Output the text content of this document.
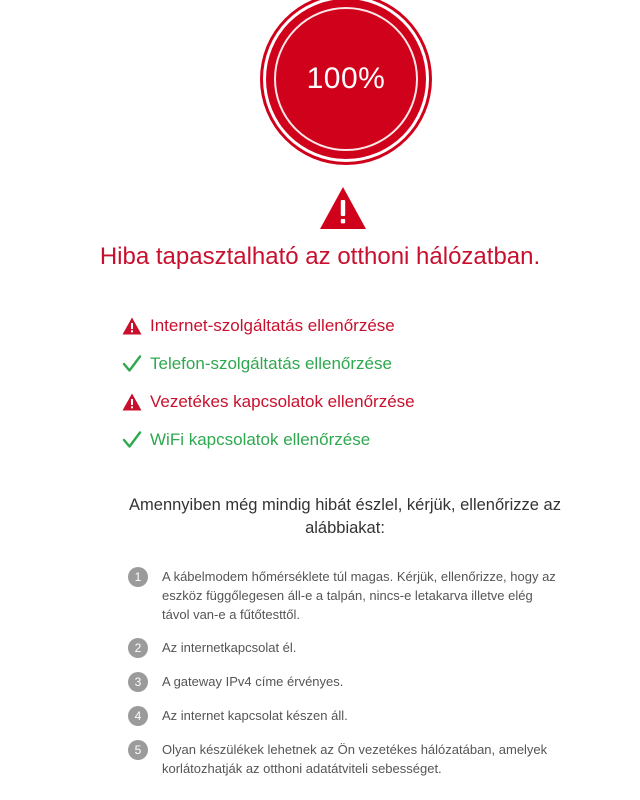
100%
Hiba tapasztalható az otthoni hálózatban.
Internet-szolgáltatás ellenőrzése
Telefon-szolgáltatás ellenőrzése
Vezetékes kapcsolatok ellenőrzése
WiFi kapcsolatok ellenőrzése
Amennyiben még mindig hibát észlel, kérjük, ellenőrizze az alábbiakat:
1	A kábelmodem hőmérséklete túl magas. Kérjük, ellenőrizze, hogy az eszköz függőlegesen áll-e a talpán, nincs-e letakarva illetve elég távol van-e a fűtőtesttől.
2	Az internetkapcsolat él.
3	A gateway IPv4 címe érvényes.
4	Az internet kapcsolat készen áll.
5	Olyan készülékek lehetnek az Ön vezetékes hálózatában, amelyek korlátozhatják az otthoni adatátviteli sebességet.
